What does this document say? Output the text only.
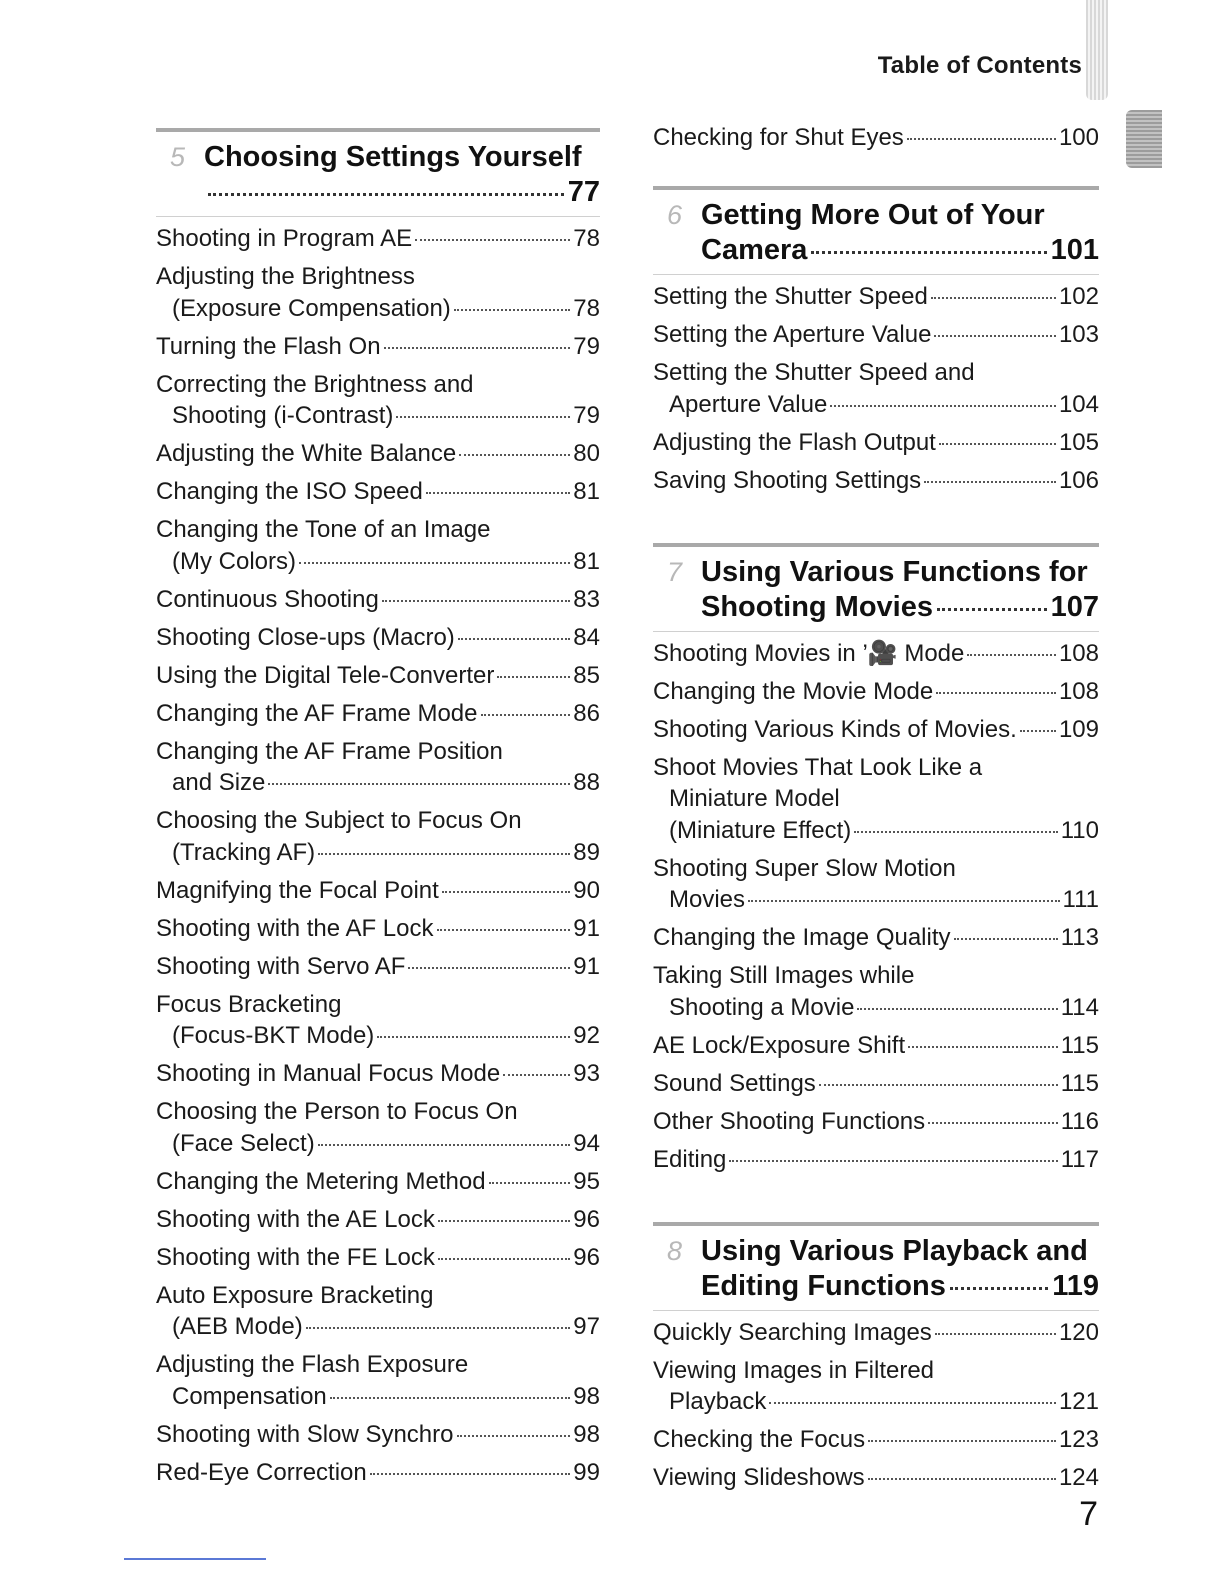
Table of Contents
5 Choosing Settings Yourself
77
Shooting in Program AE	78
Adjusting the Brightness
(Exposure Compensation)	78
Turning the Flash On	79
Correcting the Brightness and
Shooting (i-Contrast)	79
Adjusting the White Balance	80
Changing the ISO Speed	81
Changing the Tone of an Image
(My Colors)	81
Continuous Shooting	83
Shooting Close-ups (Macro)	84
Using the Digital Tele-Converter	85
Changing the AF Frame Mode	86
Changing the AF Frame Position
and Size	88
Choosing the Subject to Focus On
(Tracking AF)	89
Magnifying the Focal Point	90
Shooting with the AF Lock	91
Shooting with Servo AF	91
Focus Bracketing
(Focus-BKT Mode)	92
Shooting in Manual Focus Mode	93
Choosing the Person to Focus On
(Face Select)	94
Changing the Metering Method	95
Shooting with the AE Lock	96
Shooting with the FE Lock	96
Auto Exposure Bracketing
(AEB Mode)	97
Adjusting the Flash Exposure
Compensation	98
Shooting with Slow Synchro	98
Red-Eye Correction	99
Checking for Shut Eyes	100
6 Getting More Out of Your
Camera	101
Setting the Shutter Speed	102
Setting the Aperture Value	103
Setting the Shutter Speed and
Aperture Value	104
Adjusting the Flash Output	105
Saving Shooting Settings	106
7 Using Various Functions for
Shooting Movies	107
Shooting Movies in ’🎥 Mode	108
Changing the Movie Mode	108
Shooting Various Kinds of Movies. 109
Shoot Movies That Look Like a
Miniature Model
(Miniature Effect)	110
Shooting Super Slow Motion
Movies	111
Changing the Image Quality	113
Taking Still Images while
Shooting a Movie	114
AE Lock/Exposure Shift	115
Sound Settings	115
Other Shooting Functions	116
Editing	117
8 Using Various Playback and
Editing Functions	119
Quickly Searching Images	120
Viewing Images in Filtered
Playback	121
Checking the Focus	123
Viewing Slideshows	124
7
